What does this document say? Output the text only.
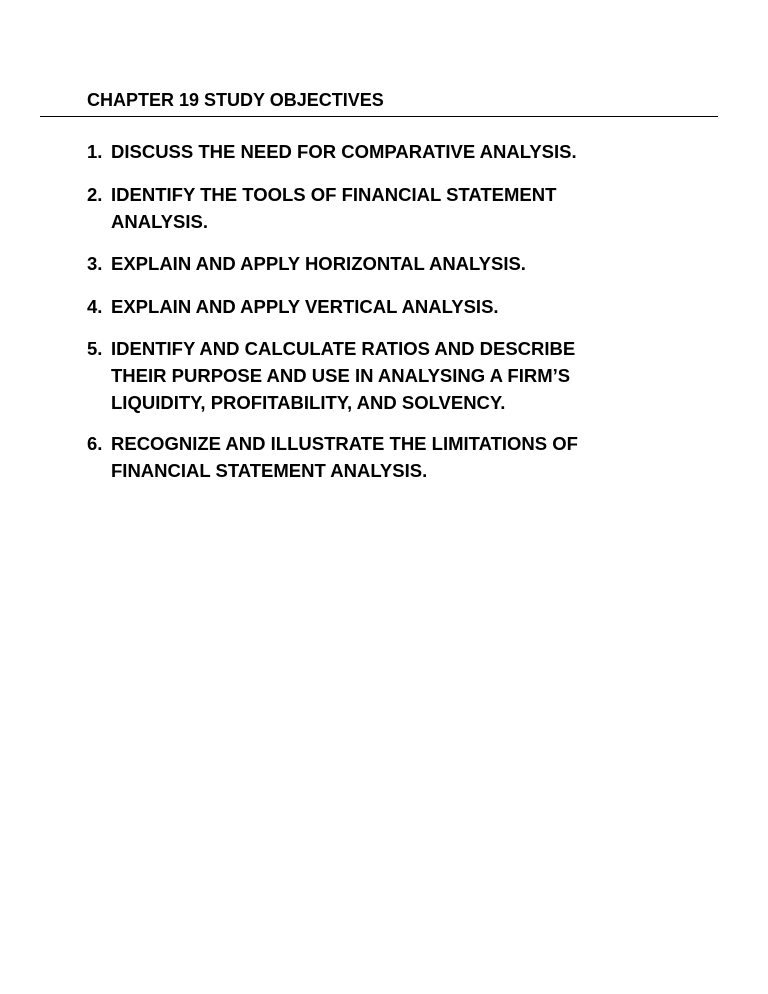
CHAPTER 19 STUDY OBJECTIVES
1. DISCUSS THE NEED FOR COMPARATIVE ANALYSIS.
2. IDENTIFY THE TOOLS OF FINANCIAL STATEMENT
ANALYSIS.
3. EXPLAIN AND APPLY HORIZONTAL ANALYSIS.
4. EXPLAIN AND APPLY VERTICAL ANALYSIS.
5. IDENTIFY AND CALCULATE RATIOS AND DESCRIBE
THEIR PURPOSE AND USE IN ANALYSING A FIRM’S
LIQUIDITY, PROFITABILITY, AND SOLVENCY.
6. RECOGNIZE AND ILLUSTRATE THE LIMITATIONS OF
FINANCIAL STATEMENT ANALYSIS.
